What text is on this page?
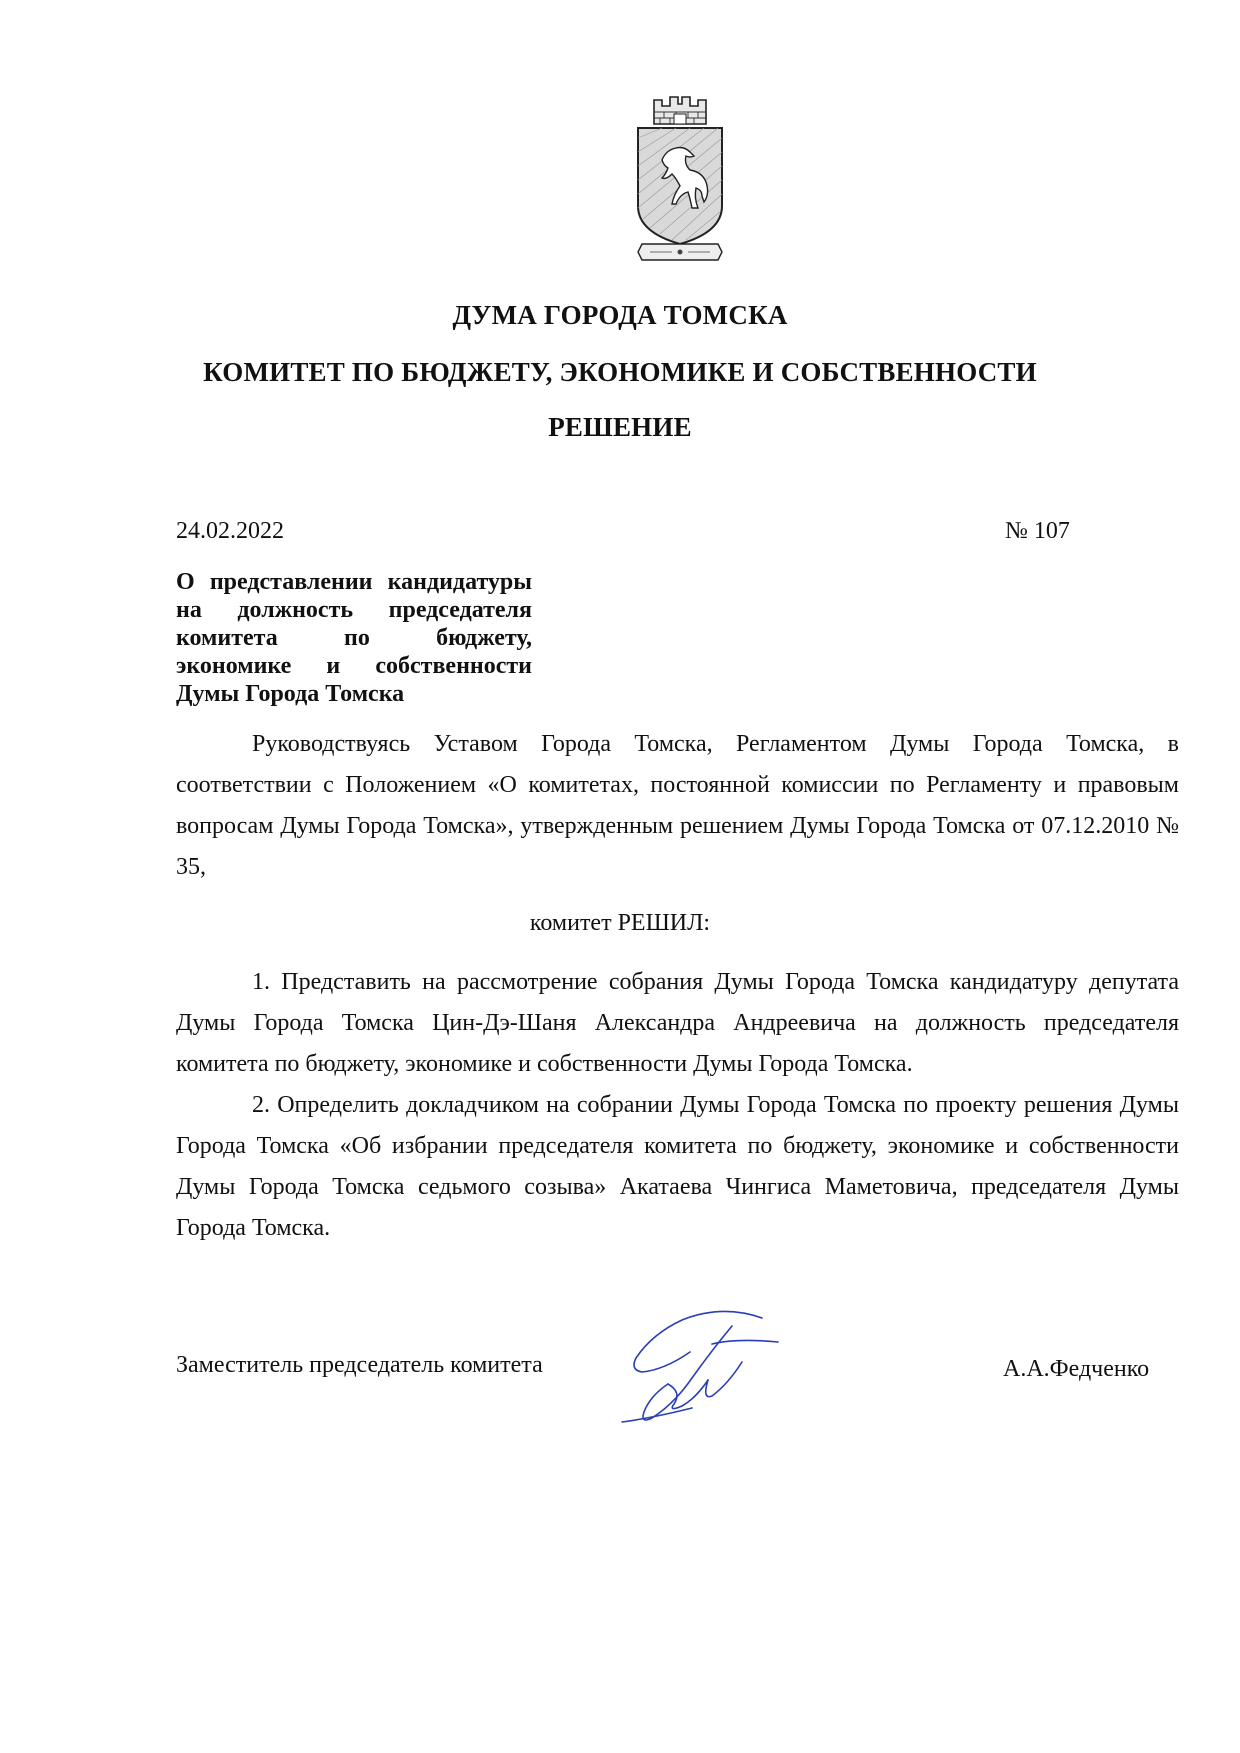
ДУМА ГОРОДА ТОМСКА
КОМИТЕТ ПО БЮДЖЕТУ, ЭКОНОМИКЕ И СОБСТВЕННОСТИ
РЕШЕНИЕ
24.02.2022	№ 107
О представлении кандидатуры
на должность председателя
комитета по бюджету,
экономике и собственности
Думы Города Томска

Руководствуясь Уставом Города Томска, Регламентом Думы Города Томска, в соответствии с Положением «О комитетах, постоянной комиссии по Регламенту и правовым вопросам Думы Города Томска», утвержденным решением Думы Города Томска от 07.12.2010 № 35,

комитет РЕШИЛ:

1. Представить на рассмотрение собрания Думы Города Томска кандидатуру депутата Думы Города Томска Цин-Дэ-Шаня Александра Андреевича на должность председателя комитета по бюджету, экономике и собственности Думы Города Томска.

2. Определить докладчиком на собрании Думы Города Томска по проекту решения Думы Города Томска «Об избрании председателя комитета по бюджету, экономике и собственности Думы Города Томска седьмого созыва» Акатаева Чингиса Маметовича, председателя Думы Города Томска.

Заместитель председатель комитета	А.А.Федченко
